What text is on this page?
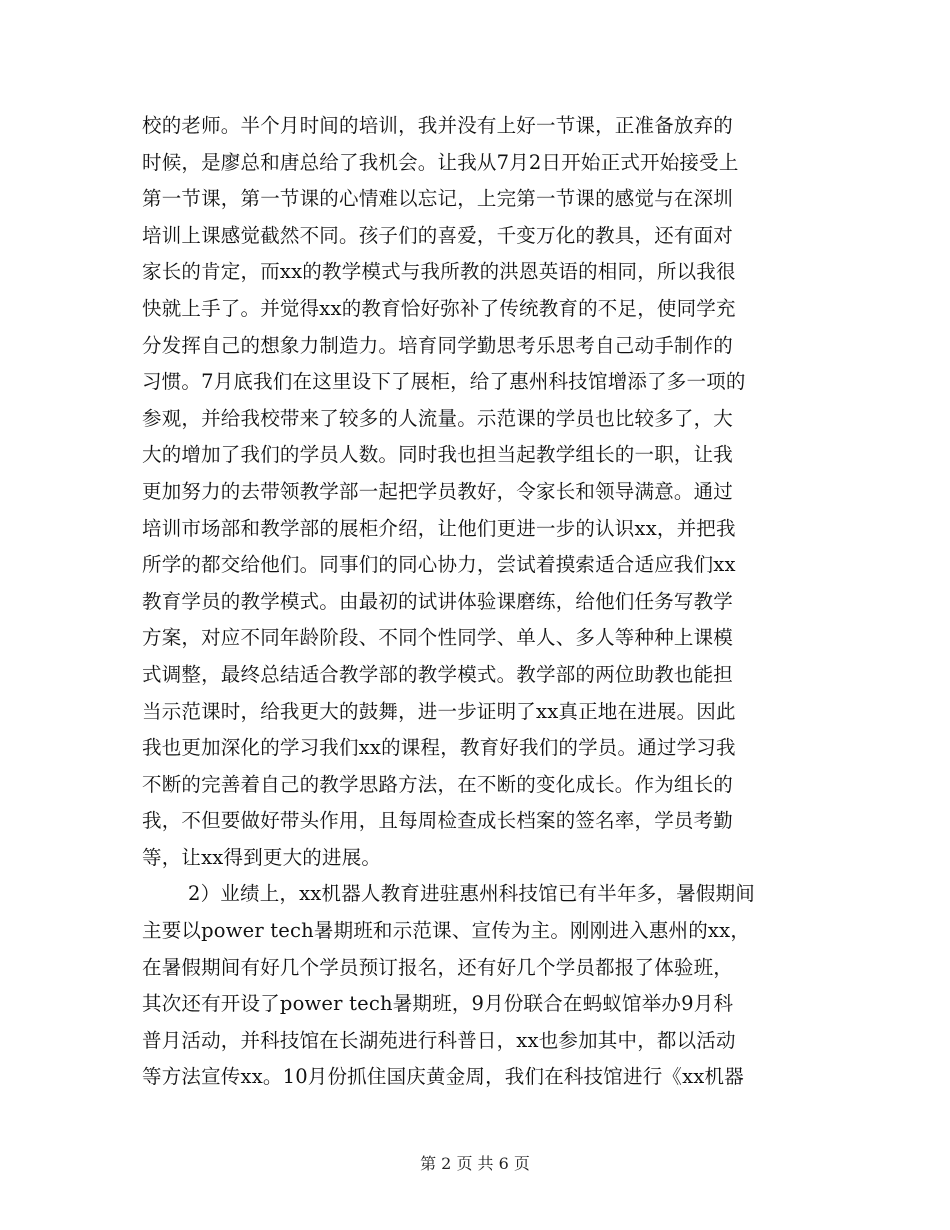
校的老师。半个月时间的培训，我并没有上好一节课，正准备放弃的
时候，是廖总和唐总给了我机会。让我从7月2日开始正式开始接受上
第一节课，第一节课的心情难以忘记，上完第一节课的感觉与在深圳
培训上课感觉截然不同。孩子们的喜爱，千变万化的教具，还有面对
家长的肯定，而xx的教学模式与我所教的洪恩英语的相同，所以我很
快就上手了。并觉得xx的教育恰好弥补了传统教育的不足，使同学充
分发挥自己的想象力制造力。培育同学勤思考乐思考自己动手制作的
习惯。7月底我们在这里设下了展柜，给了惠州科技馆增添了多一项的
参观，并给我校带来了较多的人流量。示范课的学员也比较多了，大
大的增加了我们的学员人数。同时我也担当起教学组长的一职，让我
更加努力的去带领教学部一起把学员教好，令家长和领导满意。通过
培训市场部和教学部的展柜介绍，让他们更进一步的认识xx，并把我
所学的都交给他们。同事们的同心协力，尝试着摸索适合适应我们xx
教育学员的教学模式。由最初的试讲体验课磨练，给他们任务写教学
方案，对应不同年龄阶段、不同个性同学、单人、多人等种种上课模
式调整，最终总结适合教学部的教学模式。教学部的两位助教也能担
当示范课时，给我更大的鼓舞，进一步证明了xx真正地在进展。因此
我也更加深化的学习我们xx的课程，教育好我们的学员。通过学习我
不断的完善着自己的教学思路方法，在不断的变化成长。作为组长的
我，不但要做好带头作用，且每周检查成长档案的签名率，学员考勤
等，让xx得到更大的进展。
2）业绩上，xx机器人教育进驻惠州科技馆已有半年多，暑假期间
主要以power tech暑期班和示范课、宣传为主。刚刚进入惠州的xx，
在暑假期间有好几个学员预订报名，还有好几个学员都报了体验班，
其次还有开设了power tech暑期班，9月份联合在蚂蚁馆举办9月科
普月活动，并科技馆在长湖苑进行科普日，xx也参加其中，都以活动
等方法宣传xx。10月份抓住国庆黄金周，我们在科技馆进行《xx机器
第 2 页 共 6 页
